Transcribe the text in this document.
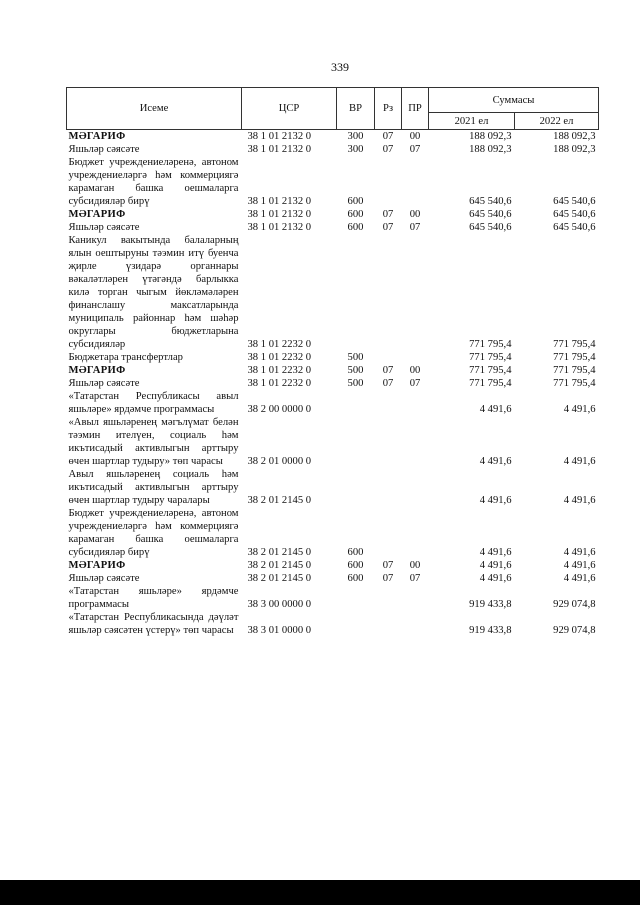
339
Исеме	ЦСР	ВР	Рз	ПР	Суммасы	
					2021 ел	2022 ел
МӘГАРИФ	38 1 01 2132 0	300	07	00	188 092,3	188 092,3
Яшьләр сәясәте	38 1 01 2132 0	300	07	07	188 092,3	188 092,3
Бюджет учреждениеләренә, автоном учреждениеләргә һәм коммерциягә карамаган башка оешмаларга субсидияләр бирү	38 1 01 2132 0	600			645 540,6	645 540,6
МӘГАРИФ	38 1 01 2132 0	600	07	00	645 540,6	645 540,6
Яшьләр сәясәте	38 1 01 2132 0	600	07	07	645 540,6	645 540,6
Каникул вакытында балаларның ялын оештыруны тәэмин итү буенча җирле үзидарә органнары вәкаләтләрен үтәгәндә барлыкка килә торган чыгым йөкләмәләрен финанслашу максатларында муниципаль районнар һәм шәһәр округлары бюджетларына субсидияләр	38 1 01 2232 0				771 795,4	771 795,4
Бюджетара трансфертлар	38 1 01 2232 0	500			771 795,4	771 795,4
МӘГАРИФ	38 1 01 2232 0	500	07	00	771 795,4	771 795,4
Яшьләр сәясәте	38 1 01 2232 0	500	07	07	771 795,4	771 795,4
«Татарстан Республикасы авыл яшьләре» ярдәмче программасы	38 2 00 0000 0				4 491,6	4 491,6
«Авыл яшьләренең мәгълүмат белән тәэмин ителүен, социаль һәм икътисадый активлыгын арттыру өчен шартлар тудыру» төп чарасы	38 2 01 0000 0				4 491,6	4 491,6
Авыл яшьләренең социаль һәм икътисадый активлыгын арттыру өчен шартлар тудыру чаралары	38 2 01 2145 0				4 491,6	4 491,6
Бюджет учреждениеләренә, автоном учреждениеләргә һәм коммерциягә карамаган башка оешмаларга субсидияләр бирү	38 2 01 2145 0	600			4 491,6	4 491,6
МӘГАРИФ	38 2 01 2145 0	600	07	00	4 491,6	4 491,6
Яшьләр сәясәте	38 2 01 2145 0	600	07	07	4 491,6	4 491,6
«Татарстан яшьләре» ярдәмче программасы	38 3 00 0000 0				919 433,8	929 074,8
«Татарстан Республикасында дәүләт яшьләр сәясәтен үстерү» төп чарасы	38 3 01 0000 0				919 433,8	929 074,8
